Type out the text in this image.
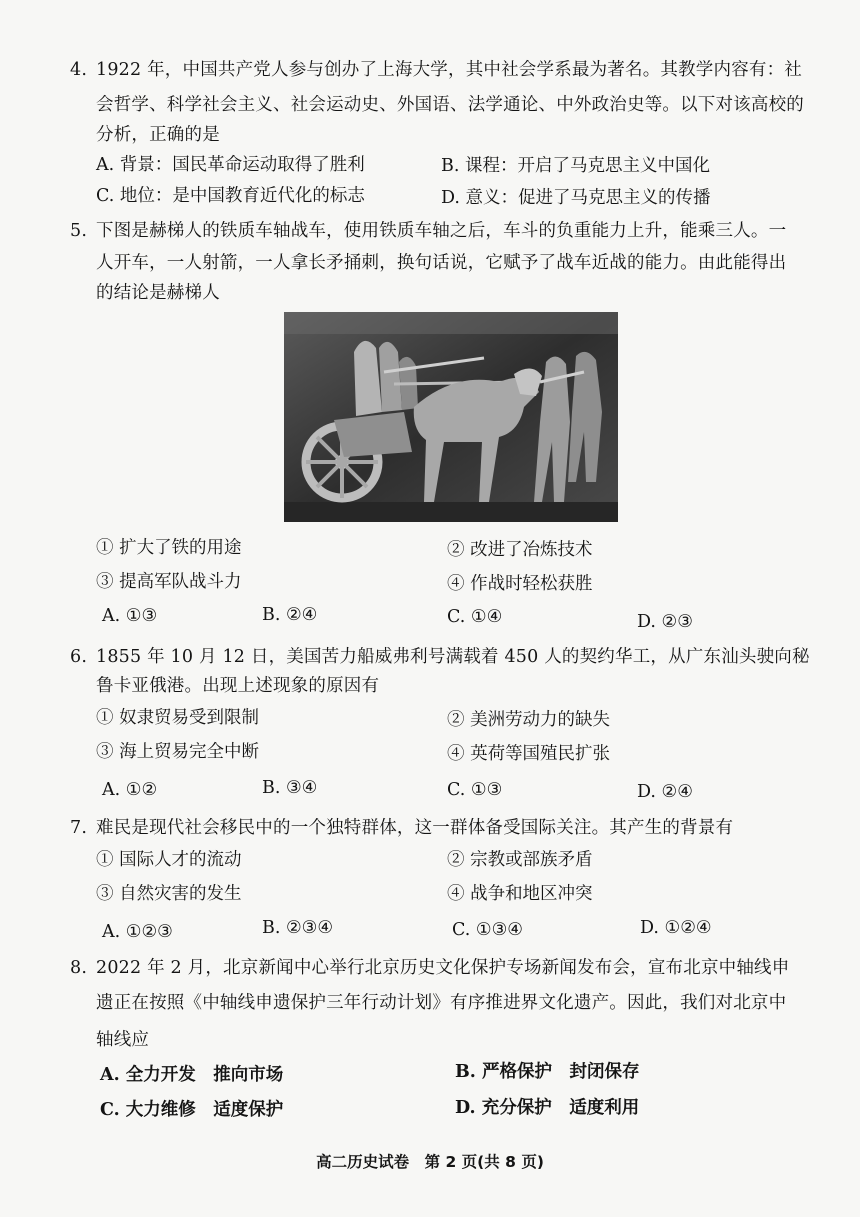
4. 1922 年，中国共产党人参与创办了上海大学，其中社会学系最为著名。其教学内容有：社
会哲学、科学社会主义、社会运动史、外国语、法学通论、中外政治史等。以下对该高校的
分析，正确的是
A. 背景：国民革命运动取得了胜利	B. 课程：开启了马克思主义中国化
C. 地位：是中国教育近代化的标志	D. 意义：促进了马克思主义的传播
5. 下图是赫梯人的铁质车轴战车，使用铁质车轴之后，车斗的负重能力上升，能乘三人。一
人开车，一人射箭，一人拿长矛捅刺，换句话说，它赋予了战车近战的能力。由此能得出
的结论是赫梯人
① 扩大了铁的用途	② 改进了冶炼技术
③ 提高军队战斗力	④ 作战时轻松获胜
A. ①③	B. ②④	C. ①④	D. ②③
6. 1855 年 10 月 12 日，美国苦力船威弗利号满载着 450 人的契约华工，从广东汕头驶向秘
鲁卡亚俄港。出现上述现象的原因有
① 奴隶贸易受到限制	② 美洲劳动力的缺失
③ 海上贸易完全中断	④ 英荷等国殖民扩张
A. ①②	B. ③④	C. ①③	D. ②④
7. 难民是现代社会移民中的一个独特群体，这一群体备受国际关注。其产生的背景有
① 国际人才的流动	② 宗教或部族矛盾
③ 自然灾害的发生	④ 战争和地区冲突
A. ①②③	B. ②③④	C. ①③④	D. ①②④
8. 2022 年 2 月，北京新闻中心举行北京历史文化保护专场新闻发布会，宣布北京中轴线申
遗正在按照《中轴线申遗保护三年行动计划》有序推进界文化遗产。因此，我们对北京中
轴线应
A. 全力开发　推向市场	B. 严格保护　封闭保存
C. 大力维修　适度保护	D. 充分保护　适度利用
高二历史试卷　第 2 页(共 8 页)
